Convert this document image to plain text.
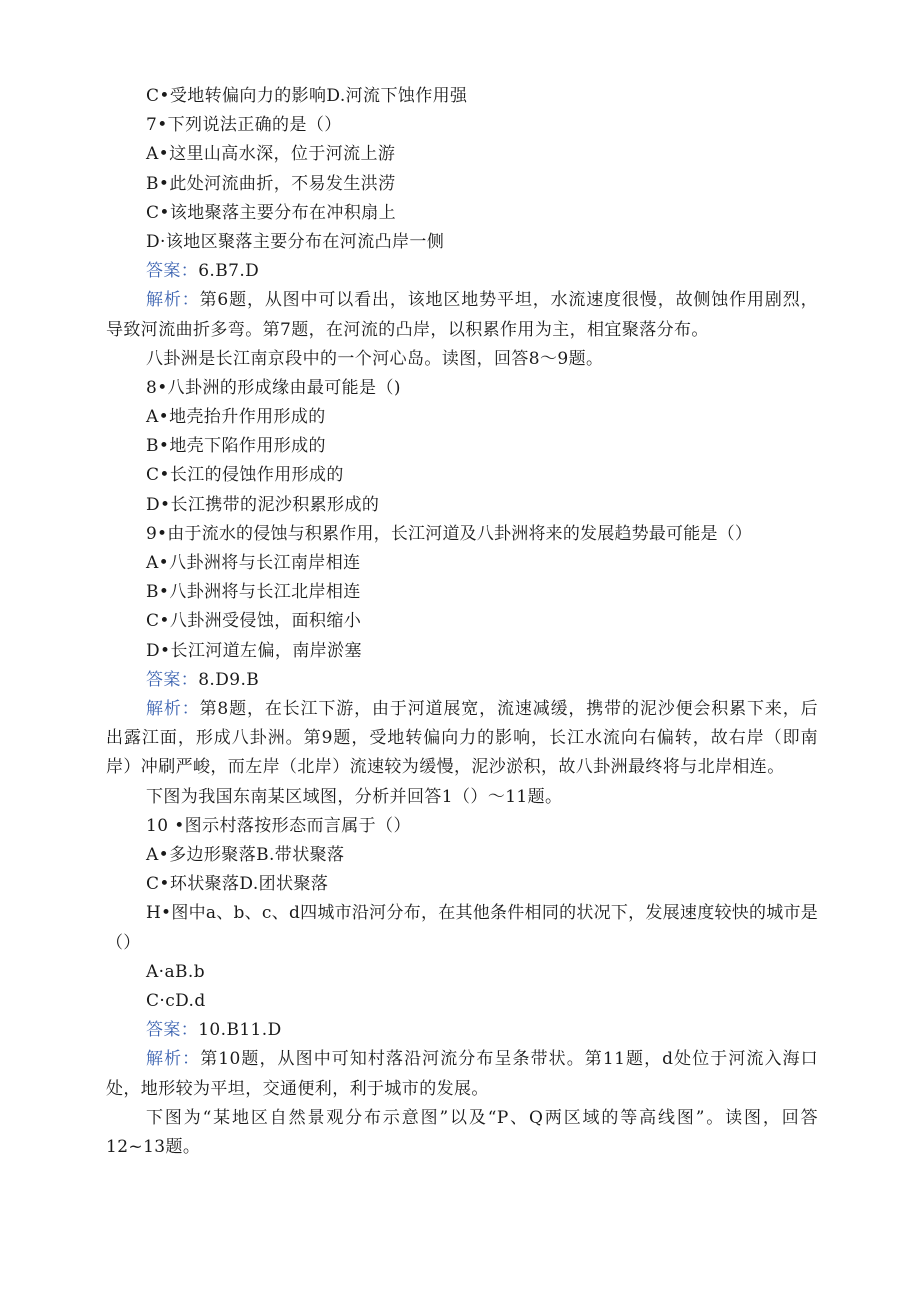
C•受地转偏向力的影响D.河流下蚀作用强
7•下列说法正确的是（）
A•这里山高水深，位于河流上游
B•此处河流曲折，不易发生洪涝
C•该地聚落主要分布在冲积扇上
D·该地区聚落主要分布在河流凸岸一侧
答案：6.B7.D
解析：第6题，从图中可以看出，该地区地势平坦，水流速度很慢，故侧蚀作用剧烈，导致河流曲折多弯。第7题，在河流的凸岸，以积累作用为主，相宜聚落分布。
八卦洲是长江南京段中的一个河心岛。读图，回答8〜9题。
8•八卦洲的形成缘由最可能是（)
A•地壳抬升作用形成的
B•地壳下陷作用形成的
C•长江的侵蚀作用形成的
D•长江携带的泥沙积累形成的
9•由于流水的侵蚀与积累作用，长江河道及八卦洲将来的发展趋势最可能是（）
A•八卦洲将与长江南岸相连
B•八卦洲将与长江北岸相连
C•八卦洲受侵蚀，面积缩小
D•长江河道左偏，南岸淤塞
答案：8.D9.B
解析：第8题，在长江下游，由于河道展宽，流速减缓，携带的泥沙便会积累下来，后出露江面，形成八卦洲。第9题，受地转偏向力的影响，长江水流向右偏转，故右岸（即南岸）冲刷严峻，而左岸（北岸）流速较为缓慢，泥沙淤积，故八卦洲最终将与北岸相连。
下图为我国东南某区域图，分析并回答1（）〜11题。
10 •图示村落按形态而言属于（）
A•多边形聚落B.带状聚落
C•环状聚落D.团状聚落
H•图中a、b、c、d四城市沿河分布，在其他条件相同的状况下，发展速度较快的城市是（）
A·aB.b
C·cD.d
答案：10.B11.D
解析：第10题，从图中可知村落沿河流分布呈条带状。第11题，d处位于河流入海口处，地形较为平坦，交通便利，利于城市的发展。
下图为“某地区自然景观分布示意图”以及“P、Q两区域的等高线图”。读图，回答12~13题。
